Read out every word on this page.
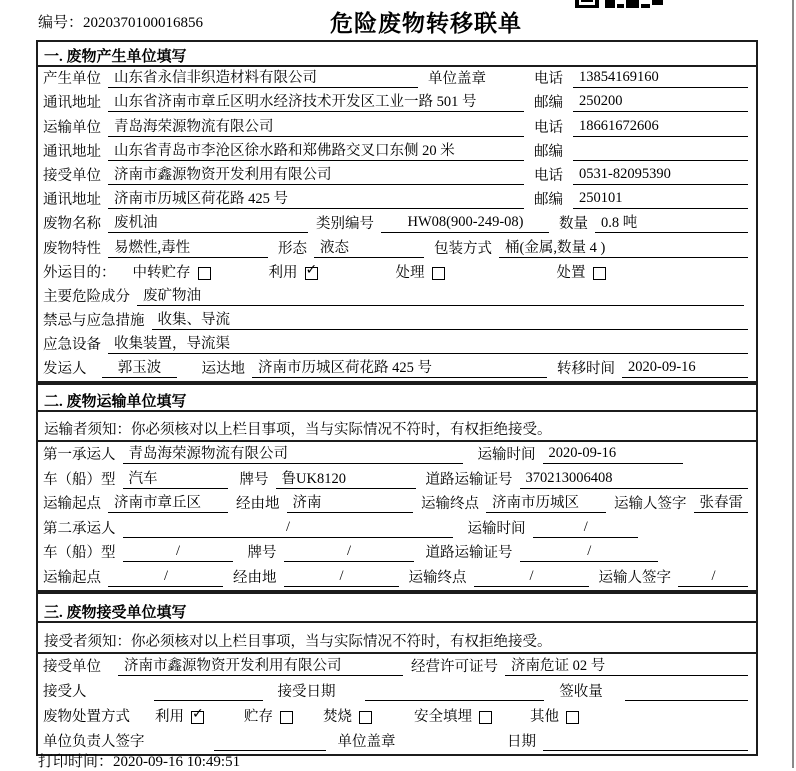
编号：2020370100016856	危险废物转移联单
一. 废物产生单位填写
产生单位 山东省永信非织造材料有限公司	单位盖章	电话	13854169160
通讯地址 山东省济南市章丘区明水经济技术开发区工业一路 501 号	邮编	250200
运输单位 青岛海荣源物流有限公司	电话	18661672606
通讯地址 山东省青岛市李沧区徐水路和郑佛路交叉口东侧 20 米	邮编
接受单位 济南市鑫源物资开发利用有限公司	电话	0531-82095390
通讯地址 济南市历城区荷花路 425 号	邮编	250101
废物名称 废机油	类别编号	HW08(900-249-08)	数量 0.8 吨
废物特性 易燃性,毒性	形态 液态	包装方式 桶(金属,数量 4 )
外运目的： 中转贮存	利用 ✓	处理	处置
主要危险成分 废矿物油
禁忌与应急措施 收集、导流
应急设备 收集装置，导流渠
发运人	郭玉波	运达地 济南市历城区荷花路 425 号	转移时间 2020-09-16
二. 废物运输单位填写
运输者须知：你必须核对以上栏目事项，当与实际情况不符时，有权拒绝接受。
第一承运人 青岛海荣源物流有限公司	运输时间 2020-09-16
车（船）型 汽车	牌号 鲁UK8120	道路运输证号 370213006408
运输起点 济南市章丘区	经由地 济南	运输终点 济南市历城区	运输人签字 张春雷
第二承运人	/	运输时间	/
车（船）型	/	牌号	/	道路运输证号	/
运输起点	/	经由地	/	运输终点	/	运输人签字	/
三. 废物接受单位填写
接受者须知：你必须核对以上栏目事项，当与实际情况不符时，有权拒绝接受。
接受单位	济南市鑫源物资开发利用有限公司	经营许可证号 济南危证 02 号
接受人	接受日期	签收量
废物处置方式 利用 ✓	贮存	焚烧	安全填埋	其他
单位负责人签字	单位盖章	日期
打印时间：2020-09-16 10:49:51
